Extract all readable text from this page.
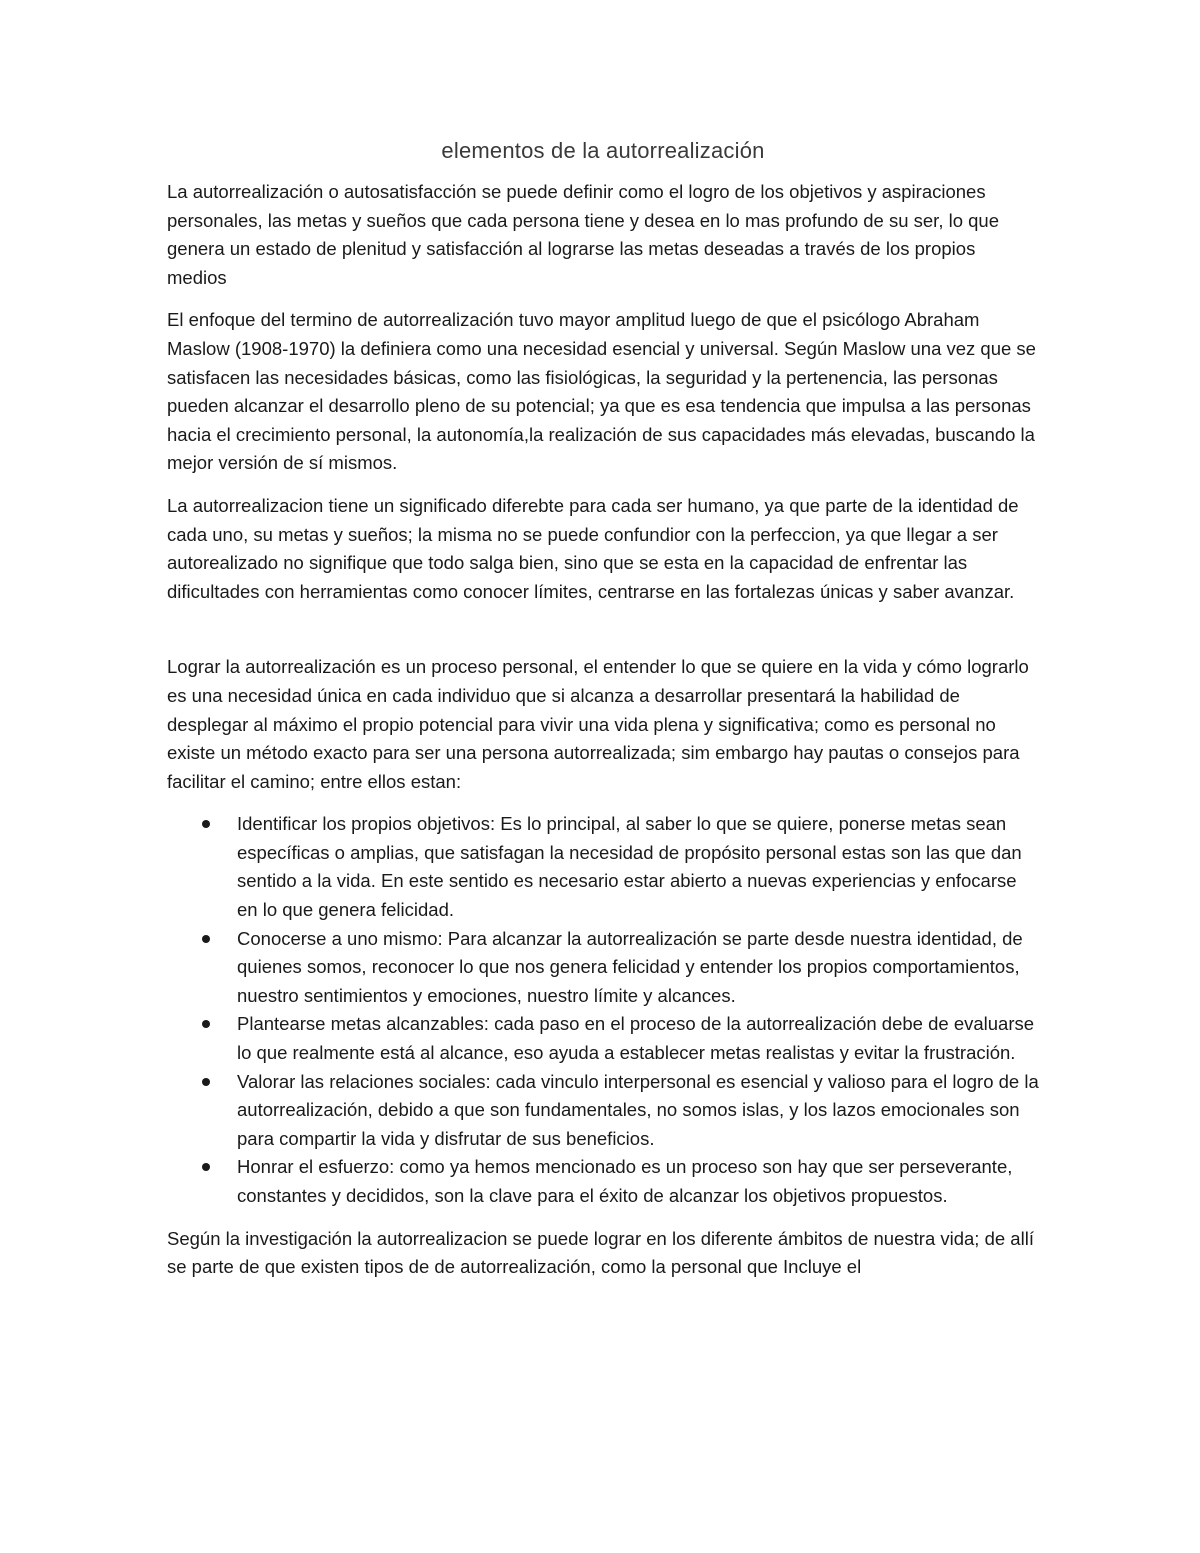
elementos de la autorrealización

La autorrealización o autosatisfacción se puede definir como el logro de los objetivos y aspiraciones personales, las metas y sueños que cada persona tiene y desea en lo mas profundo de su ser, lo que genera un estado de plenitud y satisfacción al lograrse las metas deseadas a través de los propios medios

El enfoque del termino de autorrealización tuvo mayor amplitud luego de que el psicólogo Abraham Maslow (1908-1970) la definiera como una necesidad esencial y universal. Según Maslow una vez que se satisfacen las necesidades básicas, como las fisiológicas, la seguridad y la pertenencia, las personas pueden alcanzar el desarrollo pleno de su potencial; ya que es esa tendencia que impulsa a las personas hacia el crecimiento personal, la autonomía,la realización de sus capacidades más elevadas, buscando la mejor versión de sí mismos.

La autorrealizacion tiene un significado diferebte para cada ser humano, ya que parte de la identidad de cada uno, su metas y sueños; la misma no se puede confundior con la perfeccion, ya que llegar a ser autorealizado no signifique que todo salga bien, sino que se esta en la capacidad de enfrentar las dificultades con herramientas como conocer límites, centrarse en las fortalezas únicas y saber avanzar.

Lograr la autorrealización es un proceso personal, el entender lo que se quiere en la vida y cómo lograrlo es una necesidad única en cada individuo que si alcanza a desarrollar presentará la habilidad de desplegar al máximo el propio potencial para vivir una vida plena y significativa; como es personal no existe un método exacto para ser una persona autorrealizada; sim embargo hay pautas o consejos para facilitar el camino; entre ellos estan:

Identificar los propios objetivos: Es lo principal, al saber lo que se quiere, ponerse metas sean específicas o amplias, que satisfagan la necesidad de propósito personal estas son las que dan sentido a la vida. En este sentido es necesario estar abierto a nuevas experiencias y enfocarse en lo que genera felicidad.
Conocerse a uno mismo: Para alcanzar la autorrealización se parte desde nuestra identidad, de quienes somos, reconocer lo que nos genera felicidad y entender los propios comportamientos, nuestro sentimientos y emociones, nuestro límite y alcances.
Plantearse metas alcanzables: cada paso en el proceso de la autorrealización debe de evaluarse lo que realmente está al alcance, eso ayuda a establecer metas realistas y evitar la frustración.
Valorar las relaciones sociales: cada vinculo interpersonal es esencial y valioso para el logro de la autorrealización, debido a que son fundamentales, no somos islas, y los lazos emocionales son para compartir la vida y disfrutar de sus beneficios.
Honrar el esfuerzo: como ya hemos mencionado es un proceso son hay que ser perseverante, constantes y decididos, son la clave para el éxito de alcanzar los objetivos propuestos.

Según la investigación la autorrealizacion se puede lograr en los diferente ámbitos de nuestra vida; de allí se parte de que existen tipos de de autorrealización, como la personal que Incluye el
